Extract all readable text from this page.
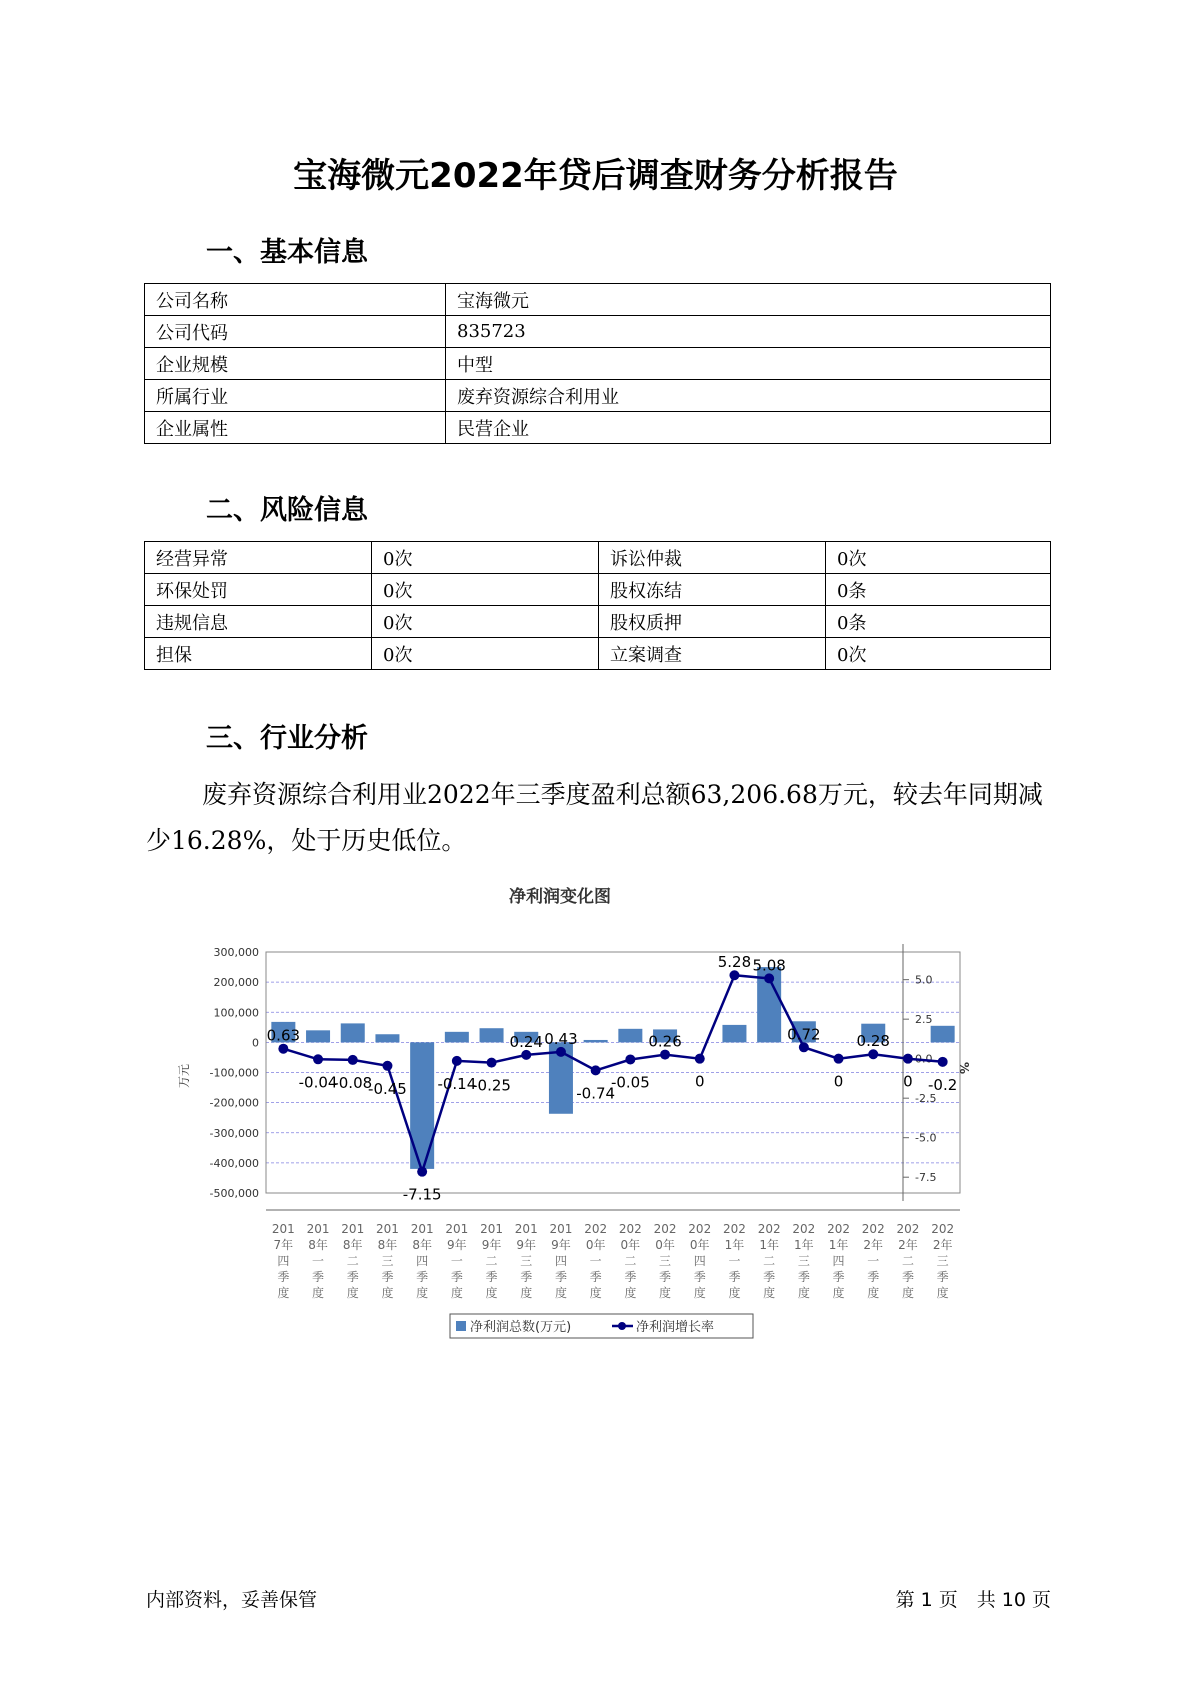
宝海微元2022年贷后调查财务分析报告
一、基本信息
公司名称	宝海微元
公司代码	835723
企业规模	中型
所属行业	废弃资源综合利用业
企业属性	民营企业
二、风险信息
经营异常	0次	诉讼仲裁	0次
环保处罚	0次	股权冻结	0条
违规信息	0次	股权质押	0条
担保	0次	立案调查	0次
三、行业分析
废弃资源综合利用业2022年三季度盈利总额63,206.68万元，较去年同期减少16.28%，处于历史低位。
净利润变化图
300,000
200,000
100,000
0
-100,000
-200,000
-300,000
-400,000
-500,000
5.0
2.5
0.0
-2.5
-5.0
-7.5
万元	%
0.63
-0.04
-0.08
-0.45
-7.15
-0.14
-0.25
0.24 0.43
-0.74
-0.05
0.26
0
5.28 5.08
0.72
0
0.28
0 -0.2
201
7年
四
季
度
201
8年
一
季
度
201
8年
二
季
度
201
8年
三
季
度
201
8年
四
季
度
201
9年
一
季
度
201
9年
二
季
度
201
9年
三
季
度
201
9年
四
季
度
202
0年
一
季
度
202
0年
二
季
度
202
0年
三
季
度
202
0年
四
季
度
202
1年
一
季
度
202
1年
二
季
度
202
1年
三
季
度
202
1年
四
季
度
202
2年
一
季
度
202
2年
二
季
度
202
2年
三
季
度
净利润总数(万元)	净利润增长率
内部资料，妥善保管	第 1 页　共 10 页
